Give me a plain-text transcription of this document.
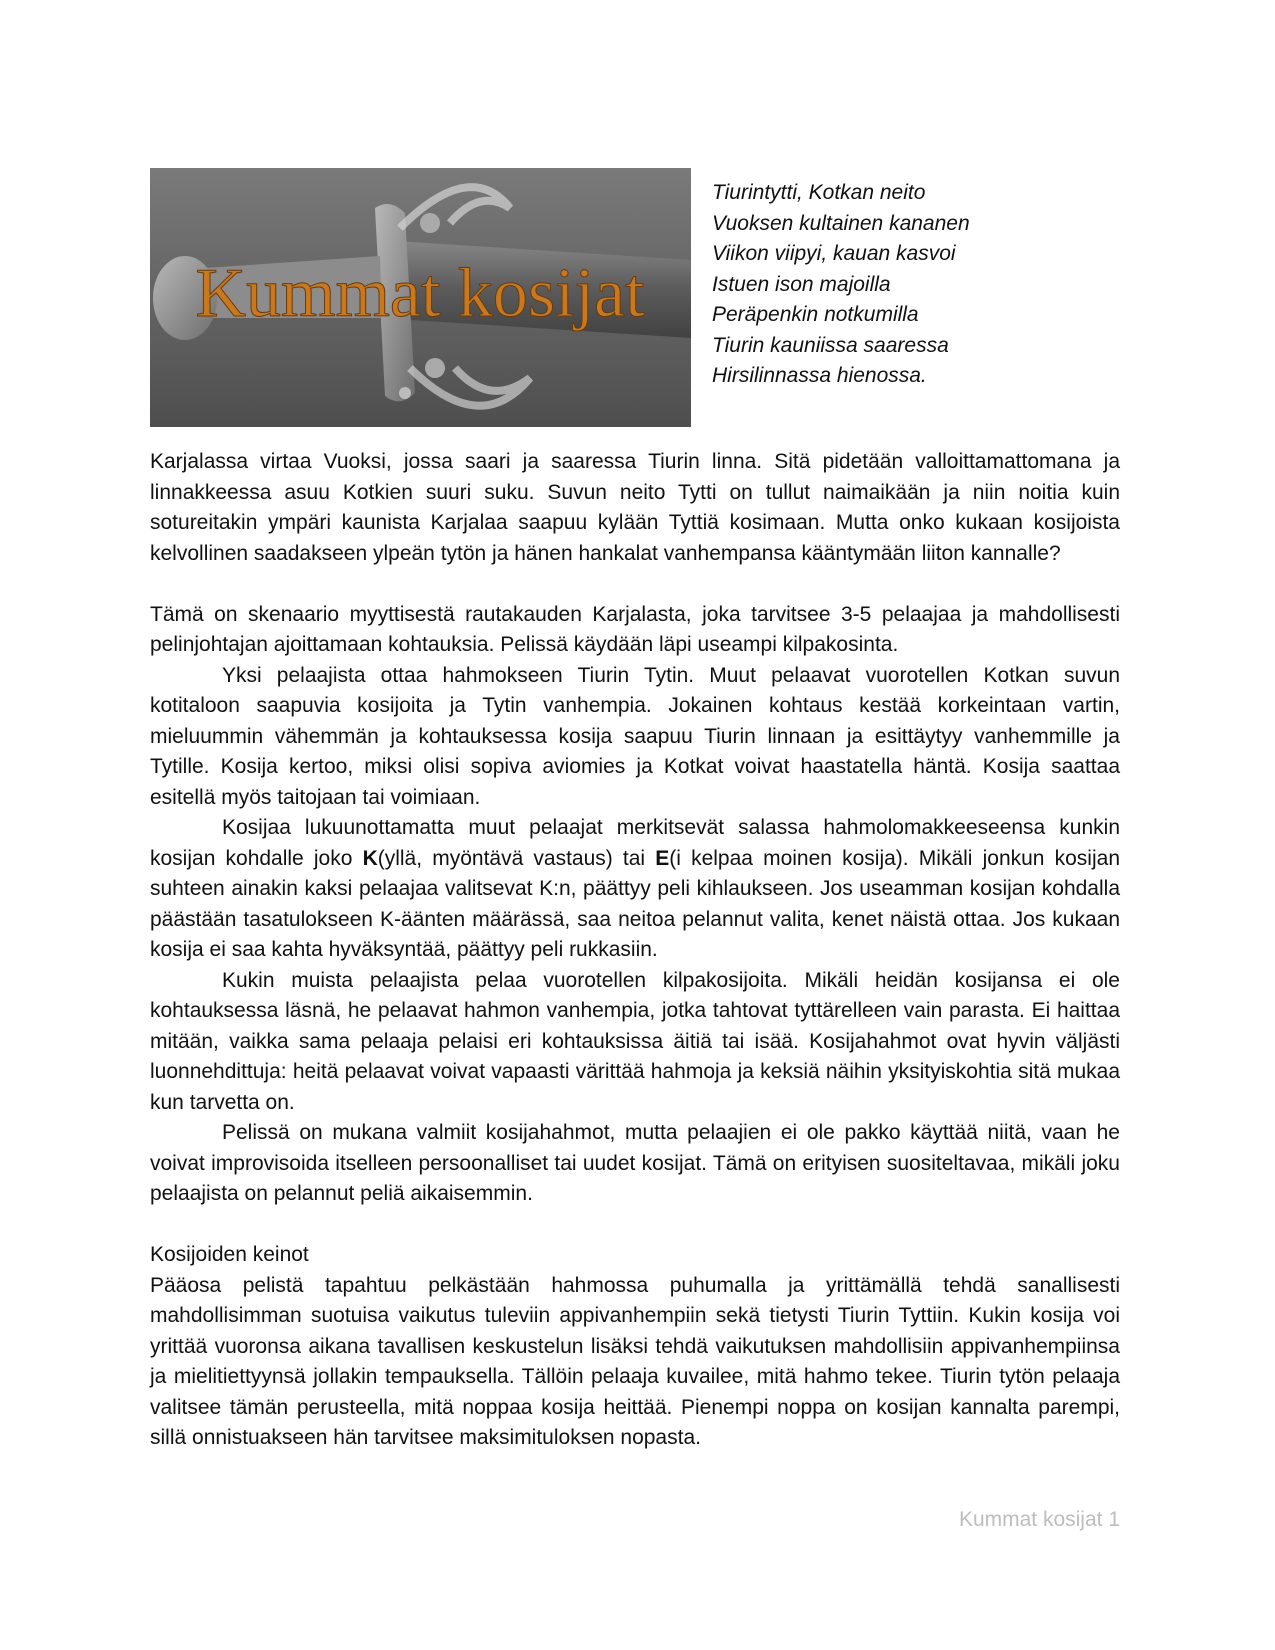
Kummat kosijat
Tiurintytti, Kotkan neito
Vuoksen kultainen kananen
Viikon viipyi, kauan kasvoi
Istuen ison majoilla
Peräpenkin notkumilla
Tiurin kauniissa saaressa
Hirsilinnassa hienossa.

Karjalassa virtaa Vuoksi, jossa saari ja saaressa Tiurin linna. Sitä pidetään valloittamattomana ja linnakkeessa asuu Kotkien suuri suku. Suvun neito Tytti on tullut naimaikään ja niin noitia kuin sotureitakin ympäri kaunista Karjalaa saapuu kylään Tyttiä kosimaan. Mutta onko kukaan kosijoista kelvollinen saadakseen ylpeän tytön ja hänen hankalat vanhempansa kääntymään liiton kannalle?

Tämä on skenaario myyttisestä rautakauden Karjalasta, joka tarvitsee 3-5 pelaajaa ja mahdollisesti pelinjohtajan ajoittamaan kohtauksia. Pelissä käydään läpi useampi kilpakosinta.

Yksi pelaajista ottaa hahmokseen Tiurin Tytin. Muut pelaavat vuorotellen Kotkan suvun kotitaloon saapuvia kosijoita ja Tytin vanhempia. Jokainen kohtaus kestää korkeintaan vartin, mieluummin vähemmän ja kohtauksessa kosija saapuu Tiurin linnaan ja esittäytyy vanhemmille ja Tytille. Kosija kertoo, miksi olisi sopiva aviomies ja Kotkat voivat haastatella häntä. Kosija saattaa esitellä myös taitojaan tai voimiaan.

Kosijaa lukuunottamatta muut pelaajat merkitsevät salassa hahmolomakkeeseensa kunkin kosijan kohdalle joko K(yllä, myöntävä vastaus) tai E(i kelpaa moinen kosija). Mikäli jonkun kosijan suhteen ainakin kaksi pelaajaa valitsevat K:n, päättyy peli kihlaukseen. Jos useamman kosijan kohdalla päästään tasatulokseen K-äänten määrässä, saa neitoa pelannut valita, kenet näistä ottaa. Jos kukaan kosija ei saa kahta hyväksyntää, päättyy peli rukkasiin.

Kukin muista pelaajista pelaa vuorotellen kilpakosijoita. Mikäli heidän kosijansa ei ole kohtauksessa läsnä, he pelaavat hahmon vanhempia, jotka tahtovat tyttärelleen vain parasta. Ei haittaa mitään, vaikka sama pelaaja pelaisi eri kohtauksissa äitiä tai isää. Kosijahahmot ovat hyvin väljästi luonnehdittuja: heitä pelaavat voivat vapaasti värittää hahmoja ja keksiä näihin yksityiskohtia sitä mukaa kun tarvetta on.

Pelissä on mukana valmiit kosijahahmot, mutta pelaajien ei ole pakko käyttää niitä, vaan he voivat improvisoida itselleen persoonalliset tai uudet kosijat. Tämä on erityisen suositeltavaa, mikäli joku pelaajista on pelannut peliä aikaisemmin.

Kosijoiden keinot

Pääosa pelistä tapahtuu pelkästään hahmossa puhumalla ja yrittämällä tehdä sanallisesti mahdollisimman suotuisa vaikutus tuleviin appivanhempiin sekä tietysti Tiurin Tyttiin. Kukin kosija voi yrittää vuoronsa aikana tavallisen keskustelun lisäksi tehdä vaikutuksen mahdollisiin appivanhempiinsa ja mielitiettyynsä jollakin tempauksella. Tällöin pelaaja kuvailee, mitä hahmo tekee. Tiurin tytön pelaaja valitsee tämän perusteella, mitä noppaa kosija heittää. Pienempi noppa on kosijan kannalta parempi, sillä onnistuakseen hän tarvitsee maksimituloksen nopasta.

Kummat kosijat 1
